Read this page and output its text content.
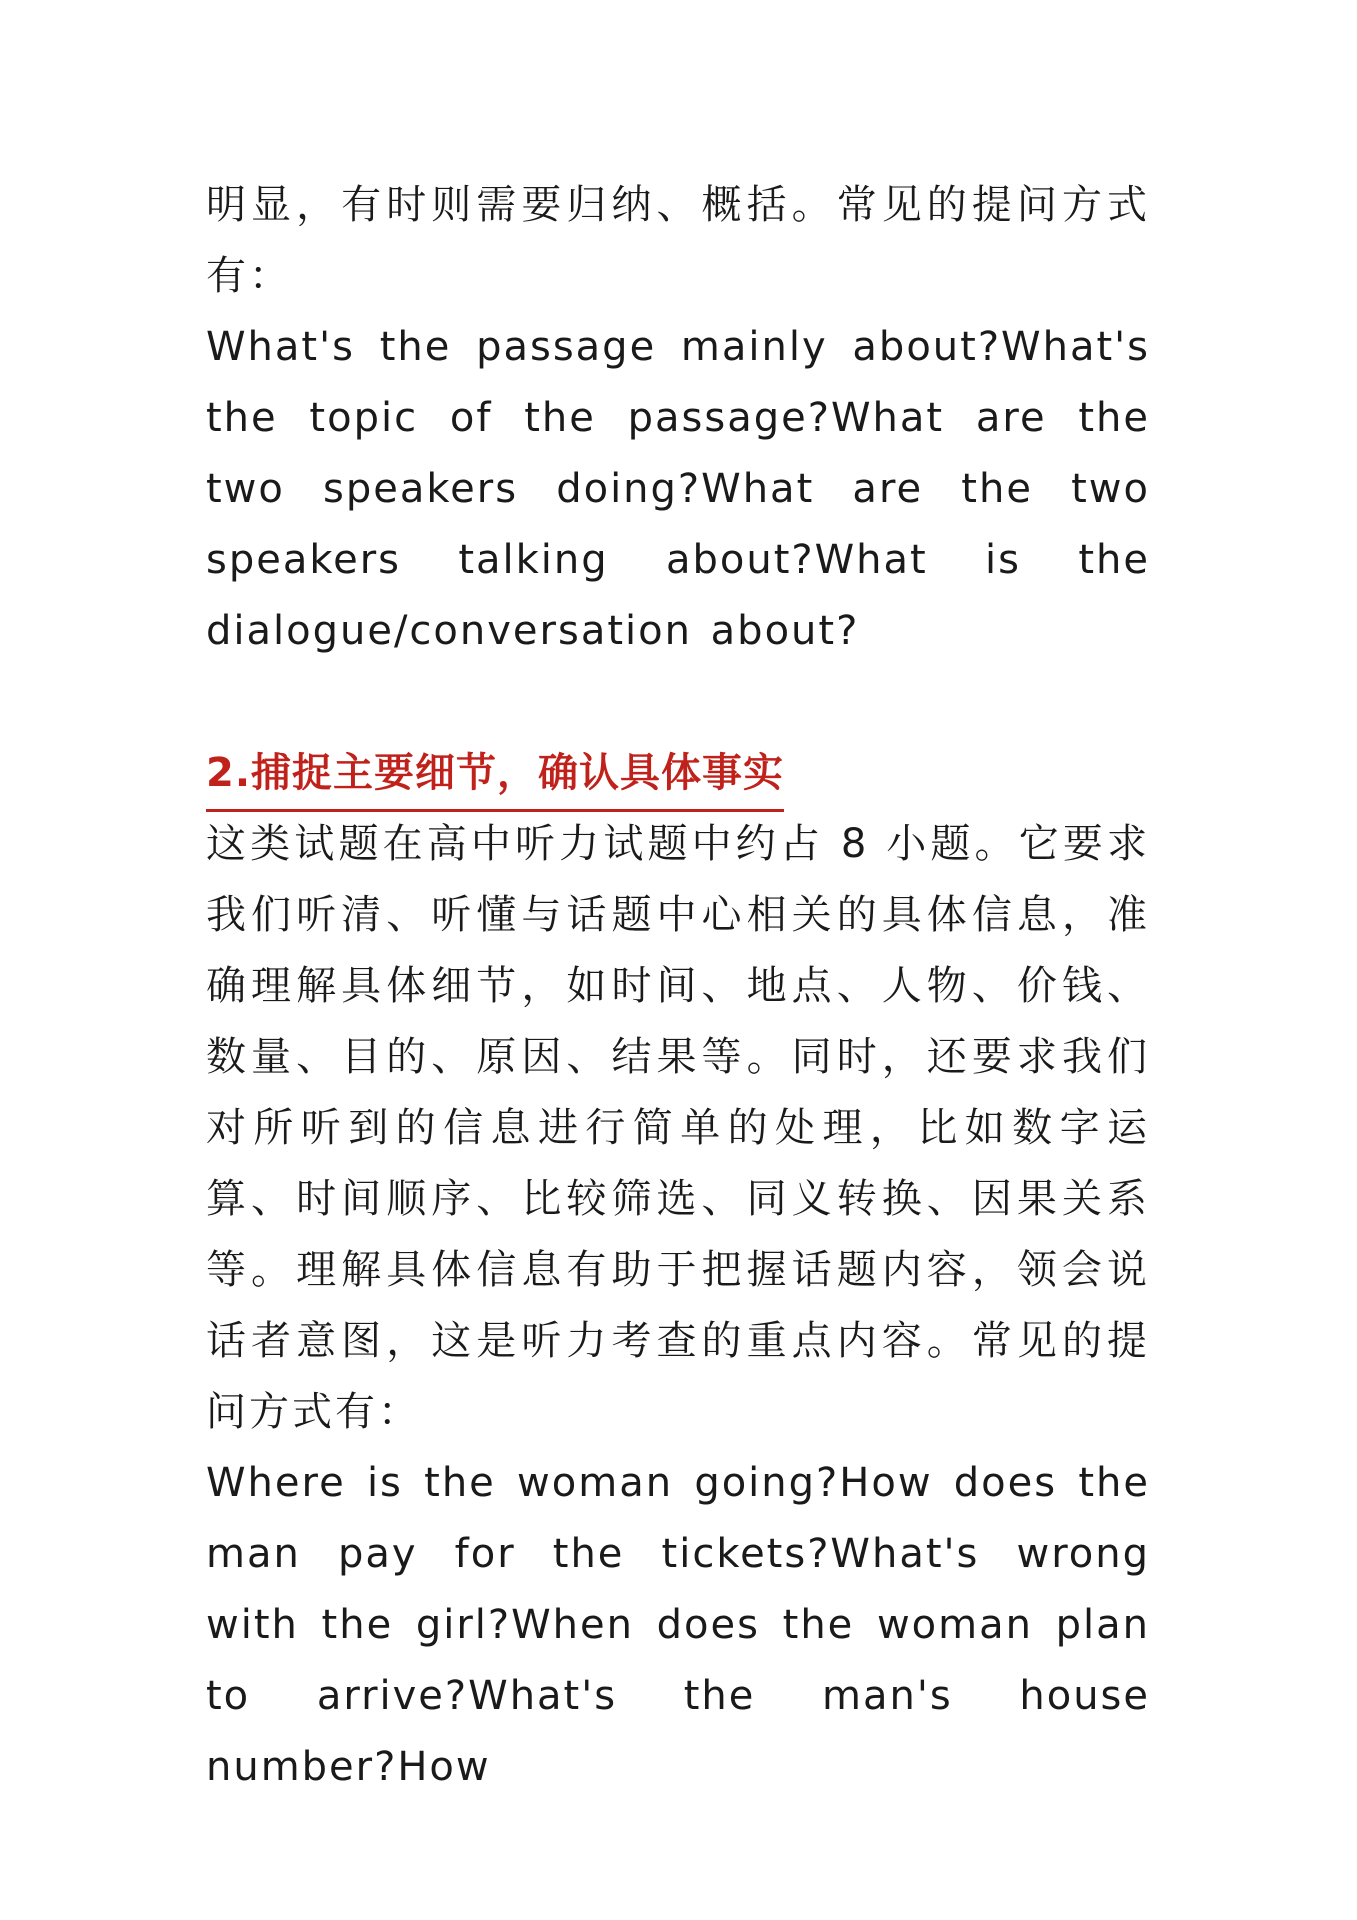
明显，有时则需要归纳、概括。常见的提问方式有：

What's the passage mainly about?What's the topic of the passage?What are the two speakers doing?What are the two speakers talking about?What is the dialogue/conversation about?

2.捕捉主要细节，确认具体事实

这类试题在高中听力试题中约占 8 小题。它要求我们听清、听懂与话题中心相关的具体信息，准确理解具体细节，如时间、地点、人物、价钱、数量、目的、原因、结果等。同时，还要求我们对所听到的信息进行简单的处理，比如数字运算、时间顺序、比较筛选、同义转换、因果关系等。理解具体信息有助于把握话题内容，领会说话者意图，这是听力考查的重点内容。常见的提问方式有：

Where is the woman going?How does the man pay for the tickets?What's wrong with the girl?When does the woman plan to arrive?What's the man's house number?How
